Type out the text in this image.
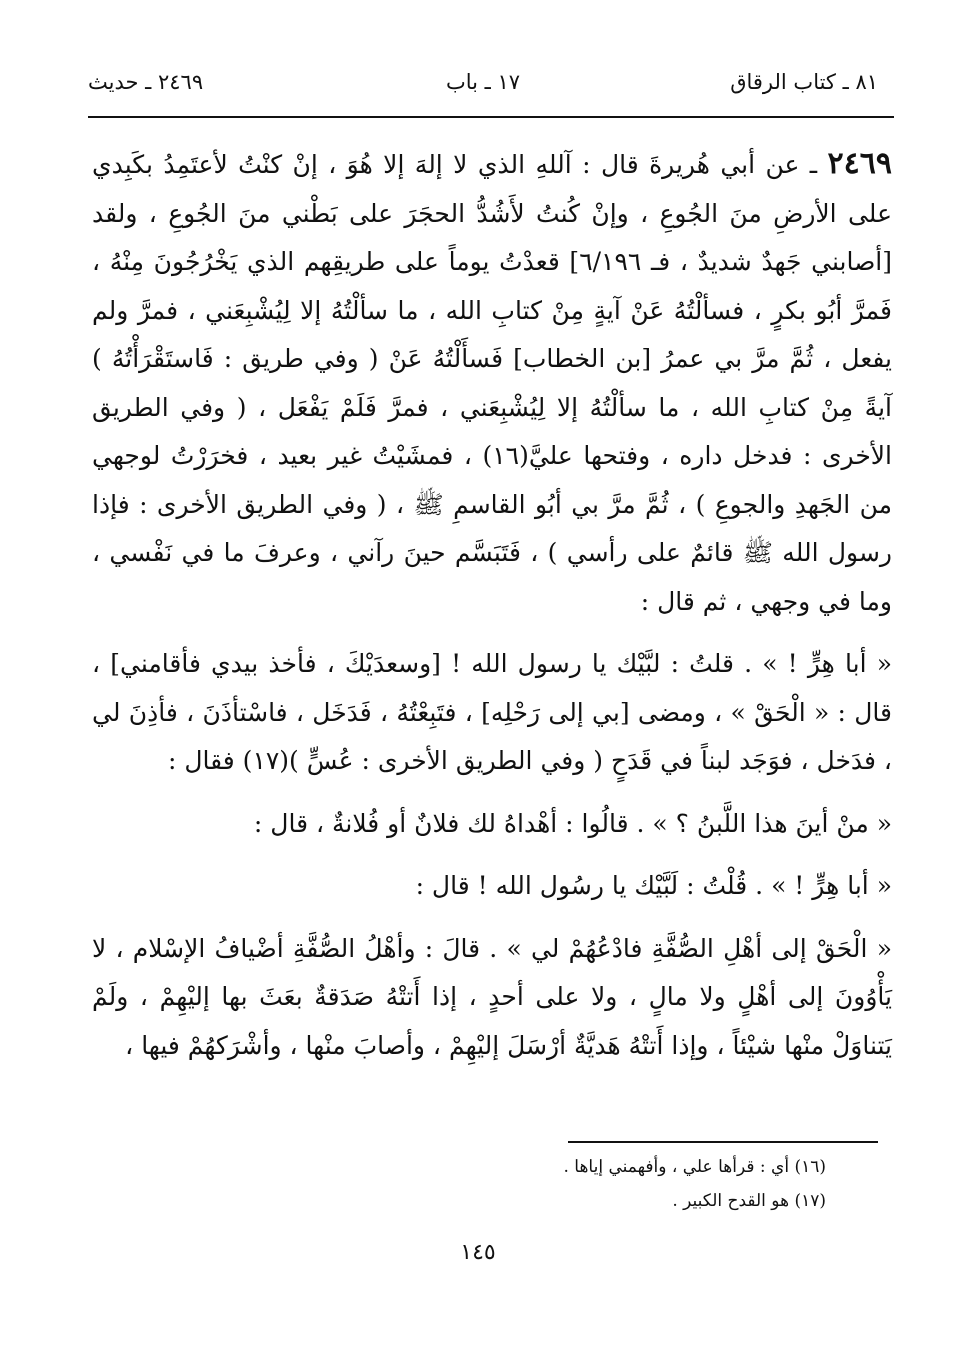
٨١ ـ كتاب الرقاق
١٧ ـ باب
٢٤٦٩ ـ حديث

٢٤٦٩ ـ عن أبي هُريرةَ قال : آللهِ الذي لا إلهَ إلا هُوَ ، إنْ كنْتُ لأعتَمِدُ بكَبِدي على الأرضِ منَ الجُوعِ ، وإنْ كُنتُ لأَشُدُّ الحجَرَ على بَطْني منَ الجُوعِ ، ولقد [أصابني جَهدٌ شديدٌ ، فـ ٦/١٩٦] قعدْتُ يوماً على طريقِهم الذي يَخْرُجُونَ مِنْهُ ، فَمرَّ أبُو بكرٍ ، فسألْتُهُ عَنْ آيةٍ مِنْ كتابِ الله ، ما سألْتُهُ إلا لِيُشْبِعَني ، فمرَّ ولم يفعل ، ثُمَّ مرَّ بي عمرُ [بن الخطاب] فَسأَلْتُهُ عَنْ ( وفي طريق : فَاستَقْرَأْتُهُ ) آيةً مِنْ كتابِ الله ، ما سألْتُهُ إلا لِيُشْبِعَني ، فمرَّ فَلَمْ يَفْعَل ، ( وفي الطريق الأخرى : فدخل داره ، وفتحها عليَّ(١٦) ، فمشَيْتُ غير بعيد ، فخرَرْتُ لوجهي من الجَهدِ والجوعِ ) ، ثُمَّ مرَّ بي أبُو القاسمِ ﷺ ، ( وفي الطريق الأخرى : فإذا رسول الله ﷺ قائمٌ على رأسي ) ، فَتَبَسَّم حينَ رآني ، وعرفَ ما في نَفْسي ، وما في وجهي ، ثم قال :

« أبا هِرٍّ ! » . قلتُ : لبَّيْك يا رسول الله ! [وسعدَيْكَ ، فأخذ بيدي فأقامني] ، قال : « الْحَقْ » ، ومضى [بي إلى رَحْلِه] ، فتَبِعْتُهُ ، فَدَخَل ، فاسْتأذَنَ ، فأذِنَ لي ، فدَخل ، فوَجَد لبناً في قَدَحٍ ( وفي الطريق الأخرى : عُسٍّ )(١٧) فقال :

« منْ أينَ هذا اللَّبنُ ؟ » . قالُوا : أهْداهُ لك فلانٌ أو فُلانةٌ ، قال :

« أبا هِرٍّ ! » . قُلْتُ : لَبَّيْك يا رسُول الله ! قال :

« الْحَقْ إلى أهْلِ الصُّفَّةِ فادْعُهُمْ لي » . قالَ : وأهْلُ الصُّفَّةِ أضْيافُ الإسْلام ، لا يَأْوُونَ إلى أهْلٍ ولا مالٍ ، ولا على أحدٍ ، إذا أَتتْهُ صَدَقةٌ بعَثَ بها إليْهِمْ ، ولَمْ يَتناوَلْ منْها شيْئاً ، وإذا أَتتْهُ هَديَّةٌ أرْسَلَ إليْهِمْ ، وأصابَ منْها ، وأشْرَكهُمْ فيها ،

(١٦) أي : قرأها علي ، وأفهمني إياها .
(١٧) هو القدح الكبير .
١٤٥
